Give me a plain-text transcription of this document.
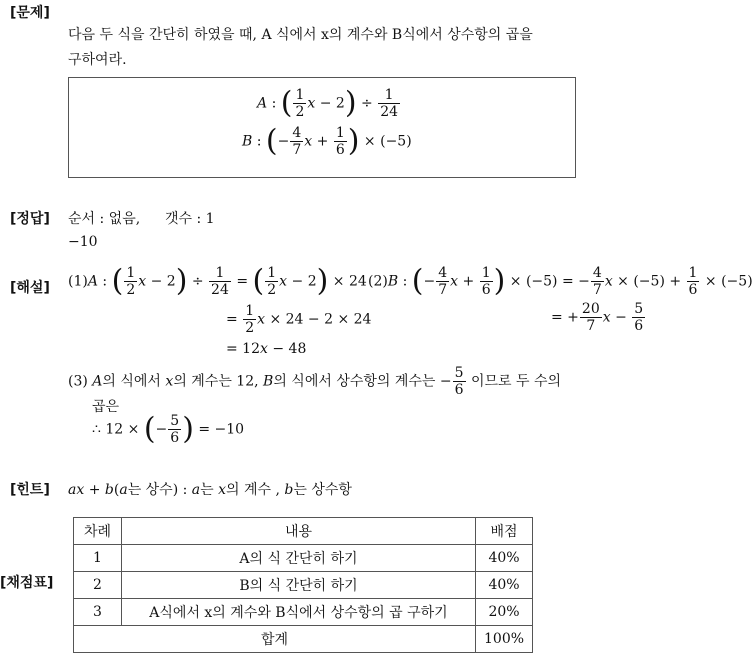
[문제]
[정답]
[해설]
[힌트]
[채점표]
다음 두 식을 간단히 하였을 때, A 식에서 x의 계수와 B식에서 상수항의 곱을
구하여라.
A : ( $\frac{1}{2}$ $x - 2) \div \frac{1}{24}$
B : (− $\frac{4}{7}$ $x + \frac{1}{6}$ ) × (−5)
순서 : 없음, 갯수 : 1
−10
(1)A : ( $\frac{1}{2}$ $x - 2) \div \frac{1}{24}$ = ( $\frac{1}{2}$ x − 2) × 24
= $\frac{1}{2}$ x × 24 − 2 × 24
= 12x − 48
(2)B : (− $\frac{4}{7}$ $x + \frac{1}{6}$ ) × (−5) = − $\frac{4}{7}$ $x \times (-5) + \frac{1}{6} \times (-5)$
= + $\frac{20}{7}$ $x - \frac{5}{6}$
(3) A의 식에서 x의 계수는 12, B의 식에서 상수항의 계수는 − $\frac{5}{6}$ 이므로 두 수의
곱은
∴ 12 × (− $\frac{5}{6}$ ) = −10
ax + b(a는 상수) : a는 x의 계수 , b는 상수항
차례	내용	배점
1	A의 식 간단히 하기	40%
2	B의 식 간단히 하기	40%
3	A식에서 x의 계수와 B식에서 상수항의 곱 구하기	20%
합계		100%
